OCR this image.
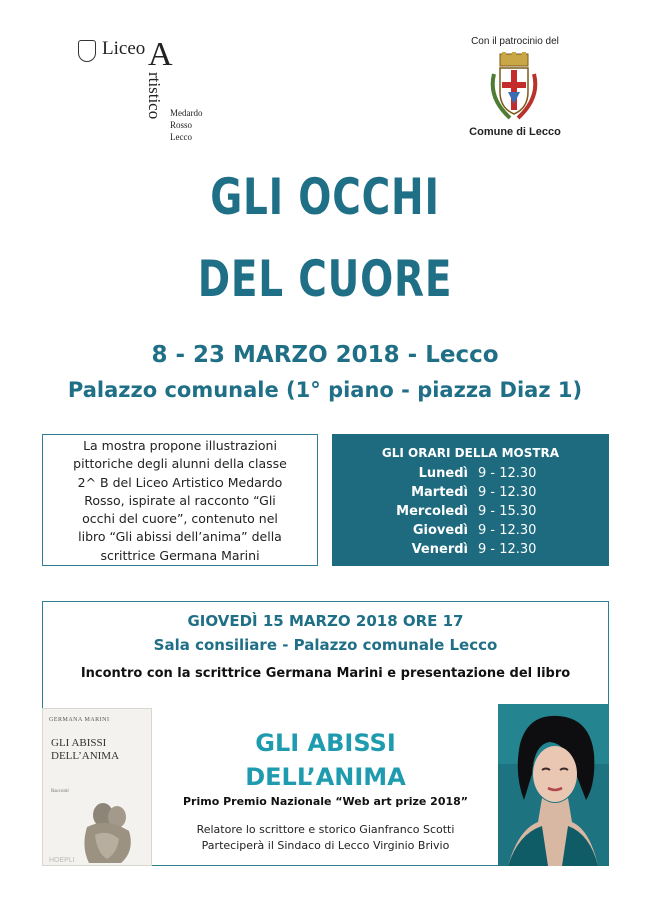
Liceo A
rtistico Medardo
Rosso
Lecco
Con il patrocinio del
Comune di Lecco
GLI OCCHI
DEL CUORE
8 - 23 MARZO 2018 - Lecco
Palazzo comunale (1° piano - piazza Diaz 1)
La mostra propone illustrazioni
pittoriche degli alunni della classe
2^ B del Liceo Artistico Medardo
Rosso, ispirate al racconto “Gli
occhi del cuore”, contenuto nel
libro “Gli abissi dell’anima” della
scrittrice Germana Marini
GLI ORARI DELLA MOSTRA
Lunedì 9 - 12.30
Martedì 9 - 12.30
Mercoledì 9 - 15.30
Giovedì 9 - 12.30
Venerdì 9 - 12.30
GIOVEDÌ 15 MARZO 2018 ORE 17
Sala consiliare - Palazzo comunale Lecco
Incontro con la scrittrice Germana Marini e presentazione del libro
GERMANA MARINI
GLI ABISSI
DELL’ANIMA
Racconti
HOEPLI
GLI ABISSI
DELL’ANIMA
Primo Premio Nazionale “Web art prize 2018”
Relatore lo scrittore e storico Gianfranco Scotti
Parteciperà il Sindaco di Lecco Virginio Brivio
